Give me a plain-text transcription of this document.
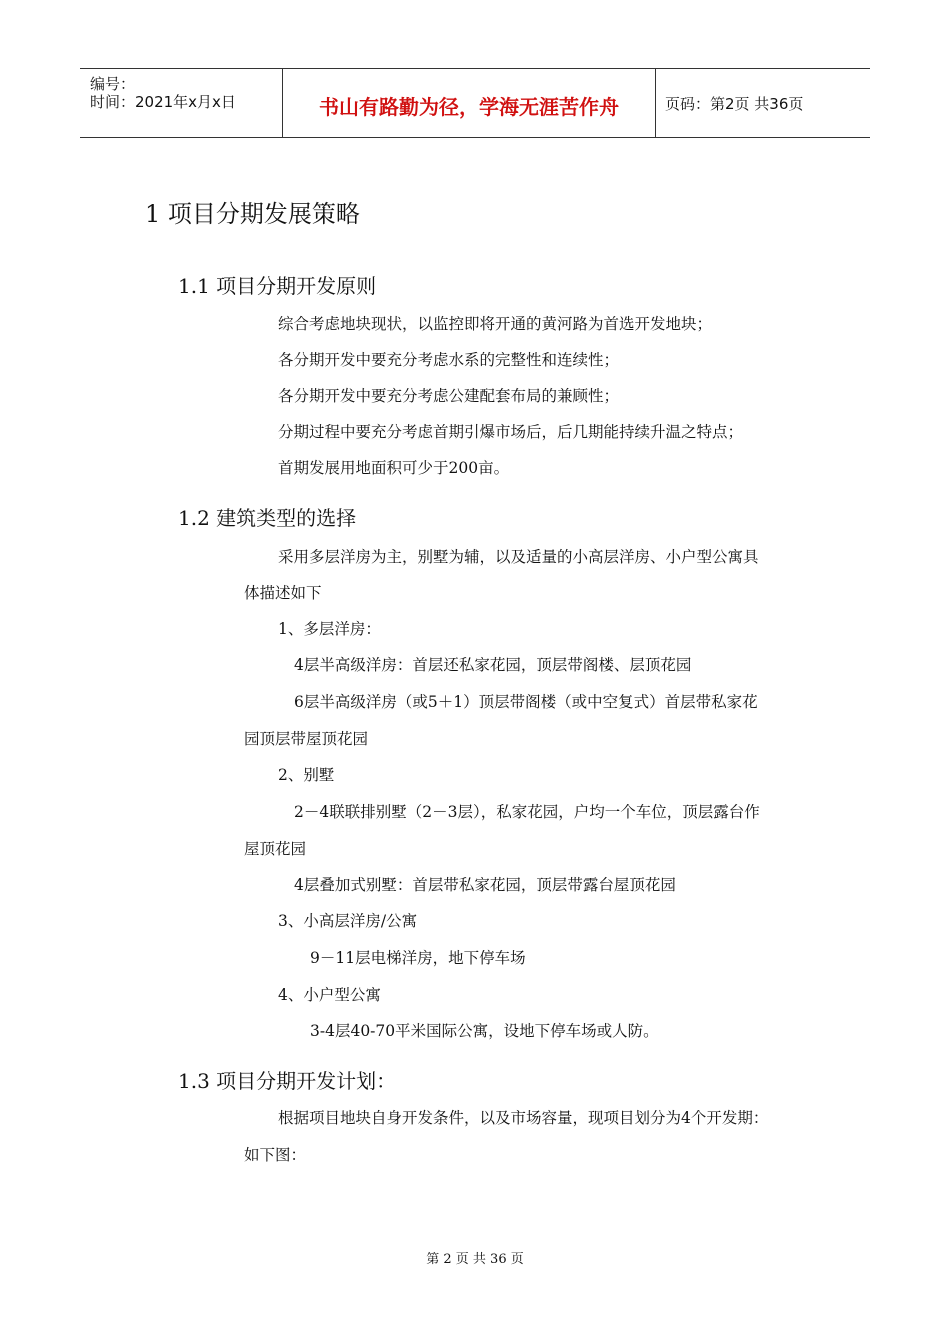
编号：
时间：2021年x月x日	书山有路勤为径，学海无涯苦作舟	页码：第2页 共36页
1 项目分期发展策略
1.1 项目分期开发原则
综合考虑地块现状，以监控即将开通的黄河路为首选开发地块；
各分期开发中要充分考虑水系的完整性和连续性；
各分期开发中要充分考虑公建配套布局的兼顾性；
分期过程中要充分考虑首期引爆市场后，后几期能持续升温之特点；
首期发展用地面积可少于200亩。
1.2 建筑类型的选择
采用多层洋房为主，别墅为辅，以及适量的小高层洋房、小户型公寓具
体描述如下
1、多层洋房：
4层半高级洋房：首层还私家花园，顶层带阁楼、层顶花园
6层半高级洋房（或5＋1）顶层带阁楼（或中空复式）首层带私家花
园顶层带屋顶花园
2、别墅
2－4联联排别墅（2－3层），私家花园，户均一个车位，顶层露台作
屋顶花园
4层叠加式别墅：首层带私家花园，顶层带露台屋顶花园
3、小高层洋房/公寓
9－11层电梯洋房，地下停车场
4、小户型公寓
3-4层40-70平米国际公寓，设地下停车场或人防。
1.3 项目分期开发计划：
根据项目地块自身开发条件，以及市场容量，现项目划分为4个开发期：
如下图：
第 2 页 共 36 页
